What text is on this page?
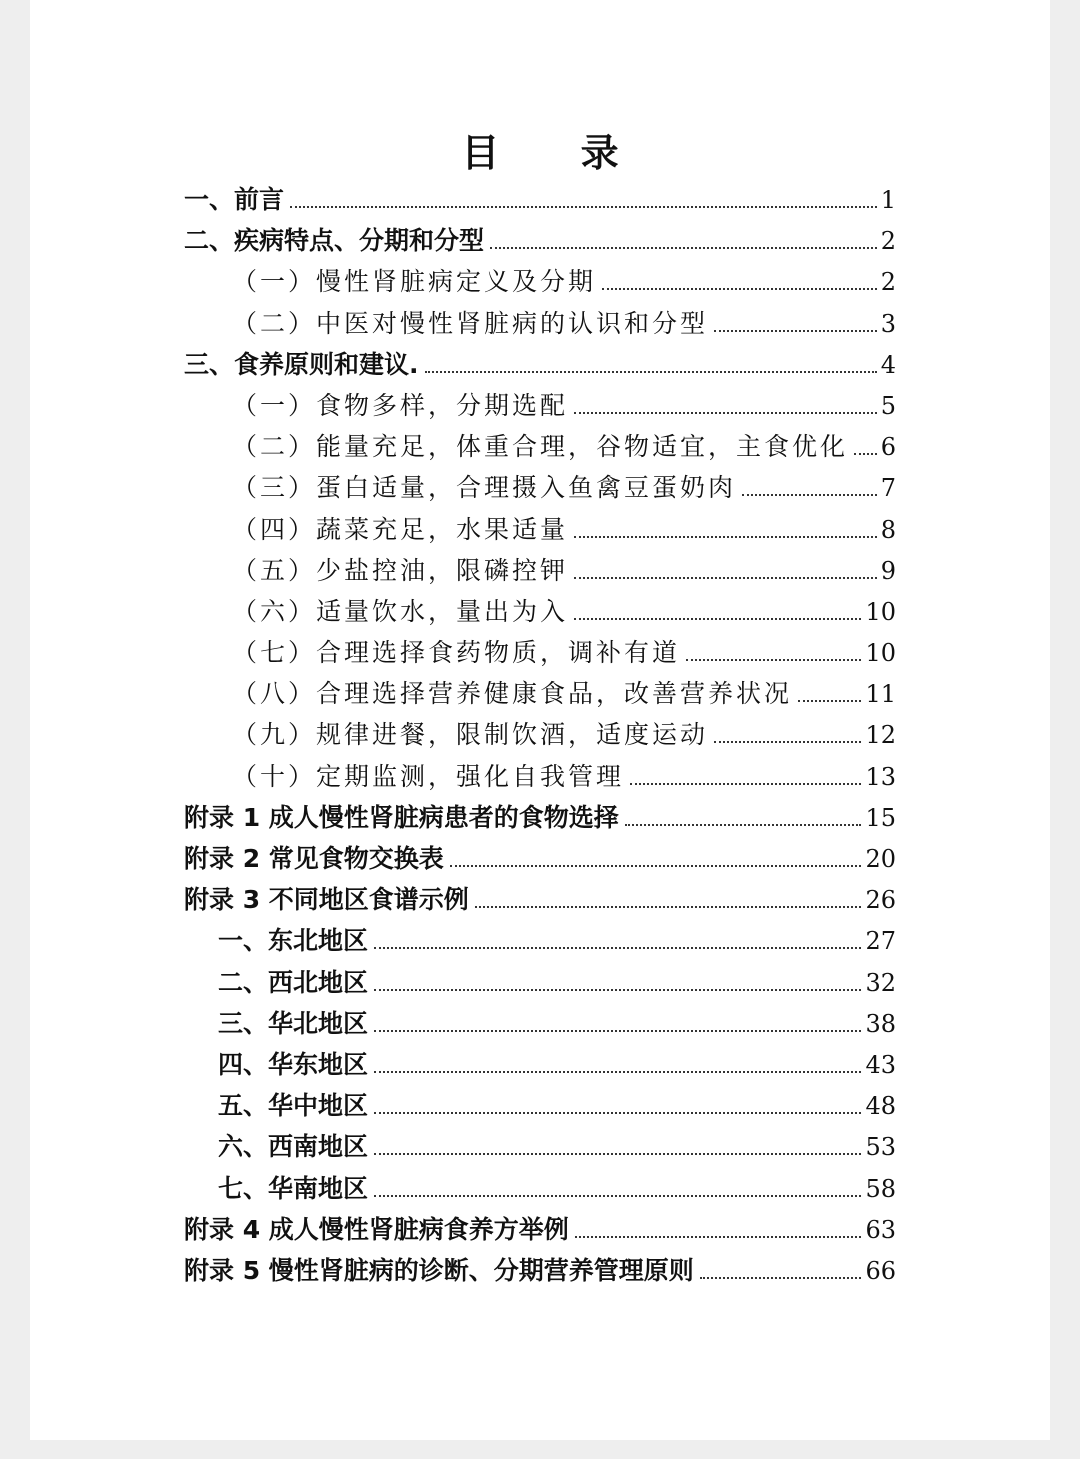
目 录
一、前言	1
二、疾病特点、分期和分型	2
（一）慢性肾脏病定义及分期	2
（二）中医对慢性肾脏病的认识和分型	3
三、食养原则和建议.	4
（一）食物多样，分期选配	5
（二）能量充足，体重合理，谷物适宜，主食优化 6
（三）蛋白适量，合理摄入鱼禽豆蛋奶肉	7
（四）蔬菜充足，水果适量	8
（五）少盐控油，限磷控钾	9
（六）适量饮水，量出为入	10
（七）合理选择食药物质，调补有道	10
（八）合理选择营养健康食品，改善营养状况	11
（九）规律进餐，限制饮酒，适度运动	12
（十）定期监测，强化自我管理	13
附录 1 成人慢性肾脏病患者的食物选择	15
附录 2 常见食物交换表	20
附录 3 不同地区食谱示例	26
一、东北地区	27
二、西北地区	32
三、华北地区	38
四、华东地区	43
五、华中地区	48
六、西南地区	53
七、华南地区	58
附录 4 成人慢性肾脏病食养方举例	63
附录 5 慢性肾脏病的诊断、分期营养管理原则	66
